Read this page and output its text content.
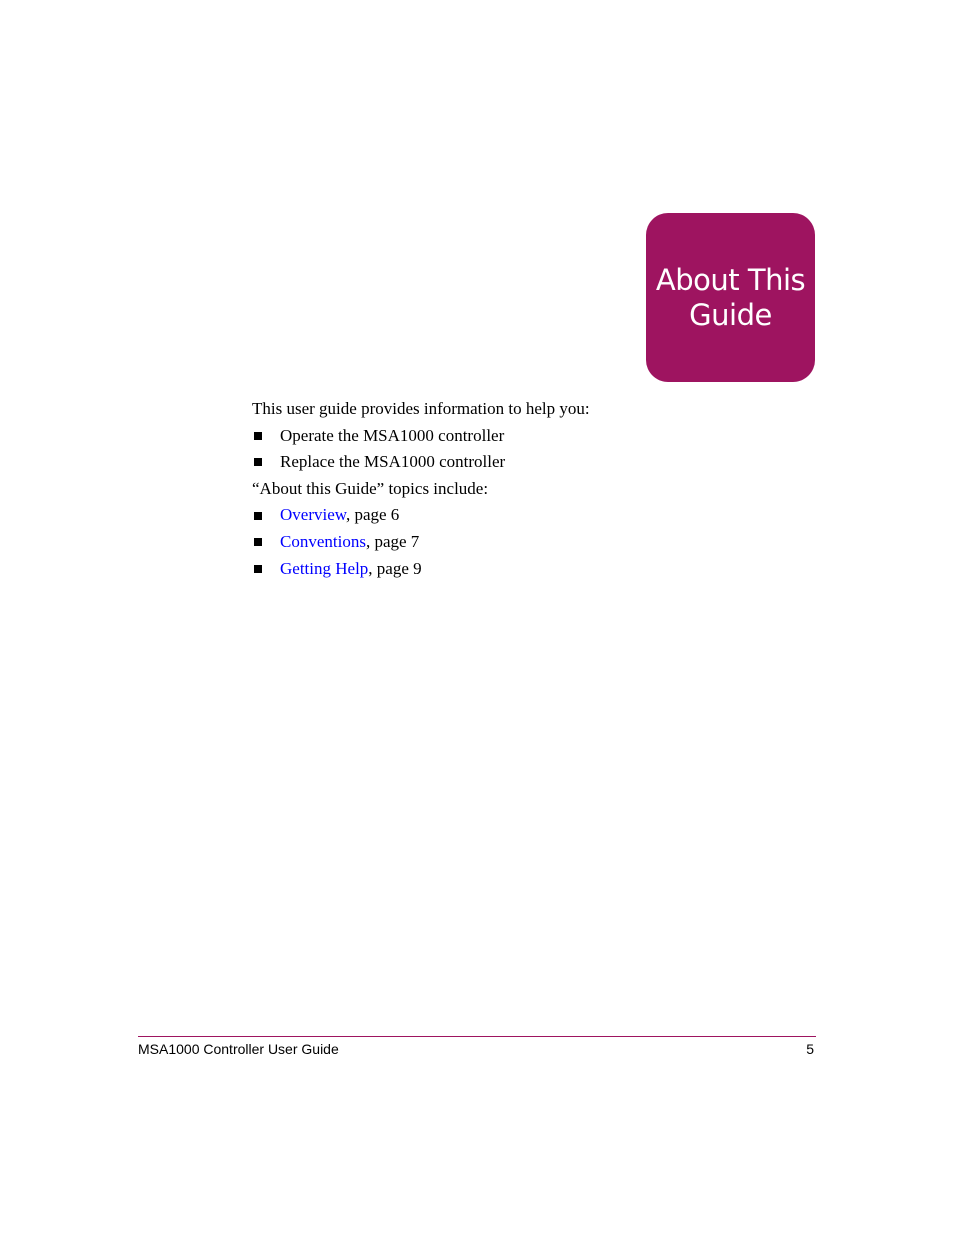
About This
Guide

This user guide provides information to help you:

Operate the MSA1000 controller
Replace the MSA1000 controller

“About this Guide” topics include:

Overview, page 6
Conventions, page 7
Getting Help, page 9
MSA1000 Controller User Guide	5
